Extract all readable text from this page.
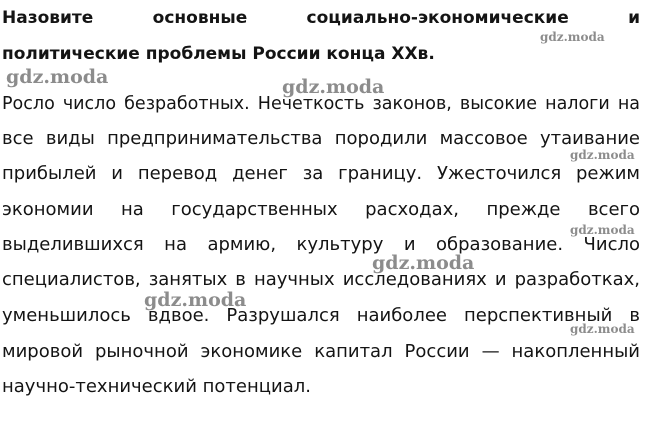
Назовите основные социально-экономические и
политические проблемы России конца XXв.
Росло число безработных. Нечеткость законов, высокие налоги на
все виды предпринимательства породили массовое утаивание
прибылей и перевод денег за границу. Ужесточился режим
экономии на государственных расходах, прежде всего
выделившихся на армию, культуру и образование. Число
специалистов, занятых в научных исследованиях и разработках,
уменьшилось вдвое. Разрушался наиболее перспективный в
мировой рыночной экономике капитал России — накопленный
научно-технический потенциал.
gdz.moda
gdz.moda	gdz.moda
gdz.moda
gdz.moda
gdz.moda
gdz.moda
gdz.moda
